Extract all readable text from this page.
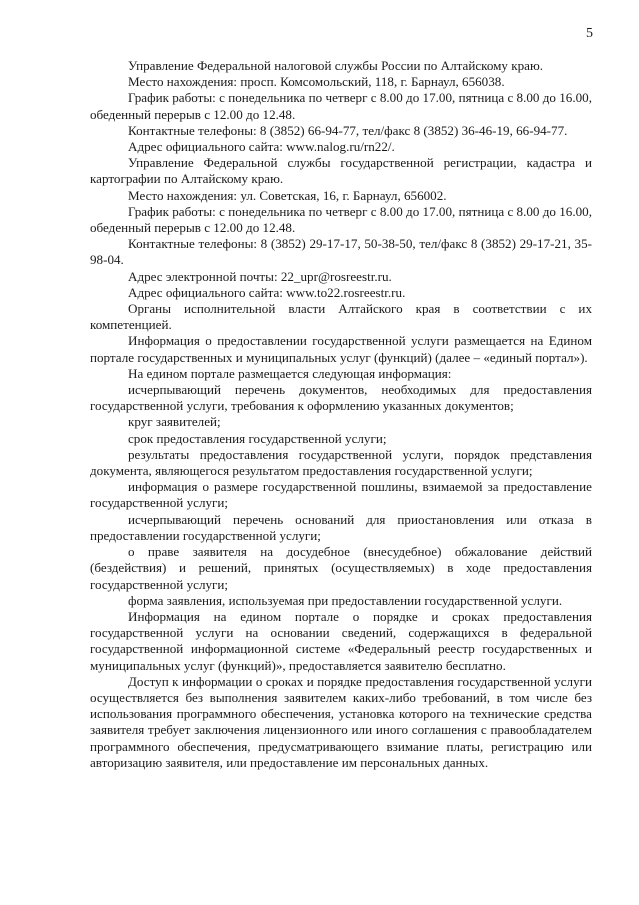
5

Управление Федеральной налоговой службы России по Алтайскому краю.

Место нахождения: просп. Комсомольский, 118, г. Барнаул, 656038.

График работы: с понедельника по четверг с 8.00 до 17.00, пятница с 8.00 до 16.00, обеденный перерыв с 12.00 до 12.48.

Контактные телефоны: 8 (3852) 66-94-77, тел/факс 8 (3852) 36-46-19, 66-94-77.

Адрес официального сайта: www.nalog.ru/rn22/.

Управление Федеральной службы государственной регистрации, кадастра и картографии по Алтайскому краю.

Место нахождения: ул. Советская, 16, г. Барнаул, 656002.

График работы: с понедельника по четверг с 8.00 до 17.00, пятница с 8.00 до 16.00, обеденный перерыв с 12.00 до 12.48.

Контактные телефоны: 8 (3852) 29-17-17, 50-38-50, тел/факс 8 (3852) 29-17-21, 35-98-04.

Адрес электронной почты: 22_upr@rosreestr.ru.

Адрес официального сайта: www.to22.rosreestr.ru.

Органы исполнительной власти Алтайского края в соответствии с их компетенцией.

Информация о предоставлении государственной услуги размещается на Едином портале государственных и муниципальных услуг (функций) (далее – «единый портал»).

На едином портале размещается следующая информация:

исчерпывающий перечень документов, необходимых для предоставления государственной услуги, требования к оформлению указанных документов;

круг заявителей;

срок предоставления государственной услуги;

результаты предоставления государственной услуги, порядок представления документа, являющегося результатом предоставления государственной услуги;

информация о размере государственной пошлины, взимаемой за предоставление государственной услуги;

исчерпывающий перечень оснований для приостановления или отказа в предоставлении государственной услуги;

о праве заявителя на досудебное (внесудебное) обжалование действий (бездействия) и решений, принятых (осуществляемых) в ходе предоставления государственной услуги;

форма заявления, используемая при предоставлении государственной услуги.

Информация на едином портале о порядке и сроках предоставления государственной услуги на основании сведений, содержащихся в федеральной государственной информационной системе «Федеральный реестр государственных и муниципальных услуг (функций)», предоставляется заявителю бесплатно.

Доступ к информации о сроках и порядке предоставления государственной услуги осуществляется без выполнения заявителем каких-либо требований, в том числе без использования программного обеспечения, установка которого на технические средства заявителя требует заключения лицензионного или иного соглашения с правообладателем программного обеспечения, предусматривающего взимание платы, регистрацию или авторизацию заявителя, или предоставление им персональных данных.
